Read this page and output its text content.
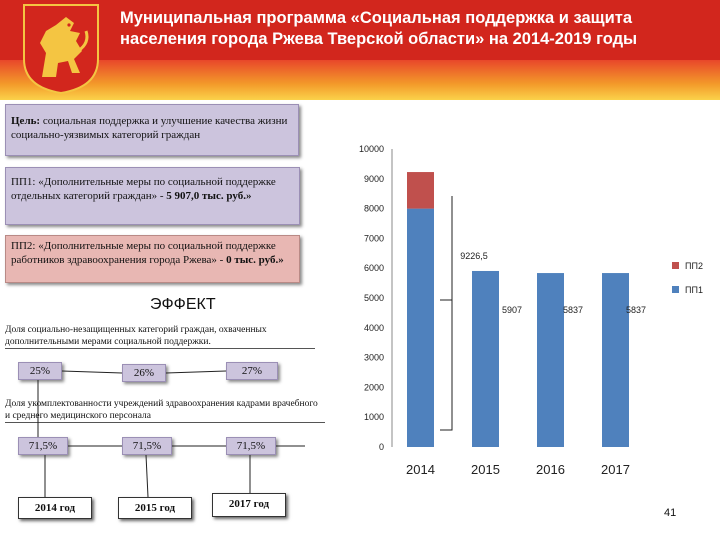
Муниципальная программа «Социальная поддержка и защита населения города Ржева Тверской области» на 2014-2019 годы
Цель: социальная поддержка и улучшение качества жизни социально-уязвимых категорий граждан
ПП1: «Дополнительные меры по социальной поддержке отдельных категорий граждан» - 5 907,0 тыс. руб.»
ПП2: «Дополнительные меры по социальной поддержке работников здравоохранения города Ржева» - 0 тыс. руб.»
ЭФФЕКТ
Доля социально-незащищенных категорий граждан, охваченных дополнительными мерами социальной поддержки.
25%	26%	27%
Доля укомплектованности учреждений здравоохранения кадрами врачебного и среднего медицинского персонала
71,5%	71,5%	71,5%
2014 год	2015 год	2017 год
0
1000
2000
3000
4000
5000
6000
7000
8000
9000
10000
2014	2015	2016	2017
9226,5
5907	5837	5837
ПП2
ПП1
41
